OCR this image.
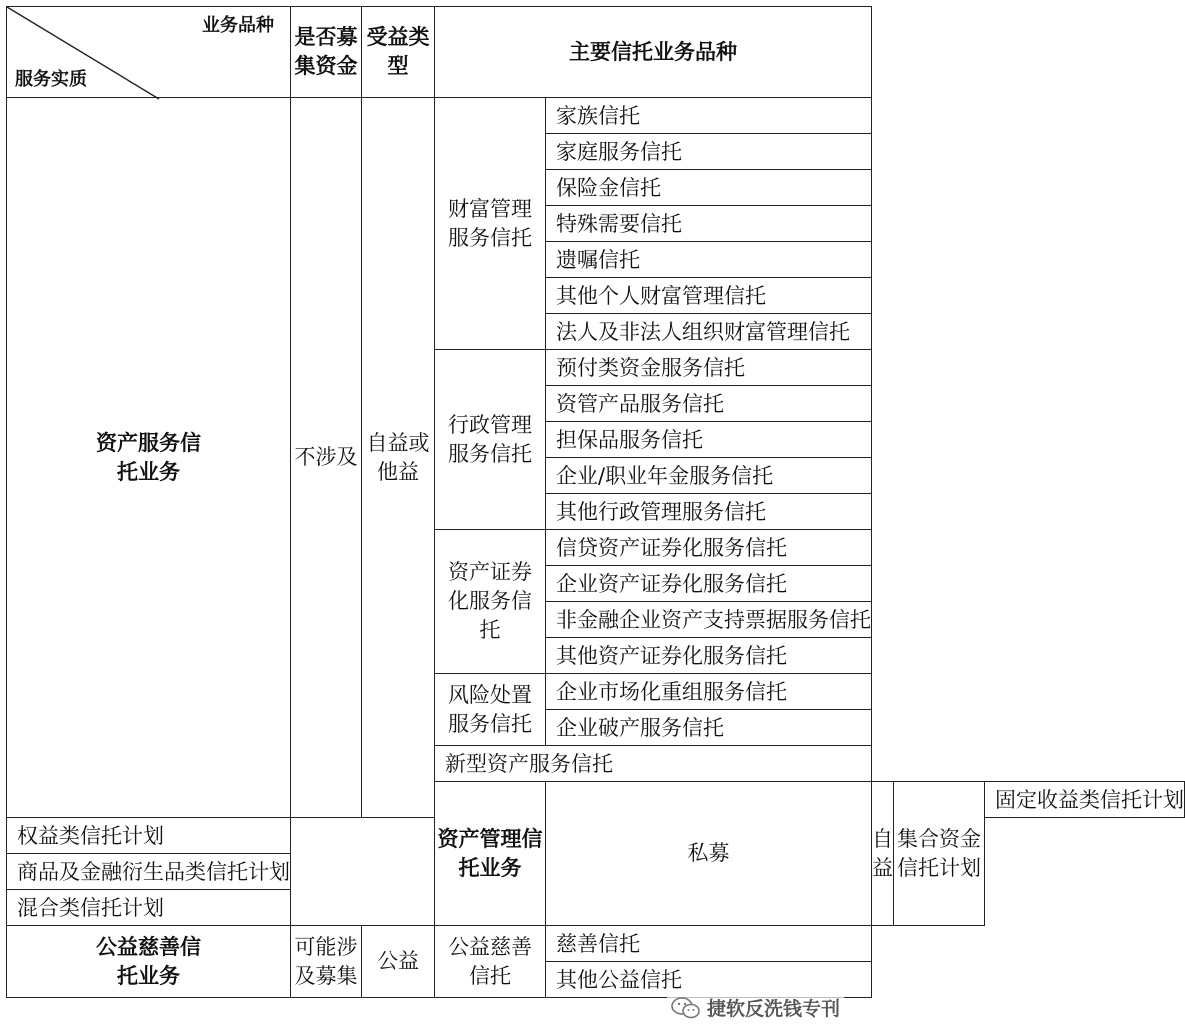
业务品种
服务实质	是否募集资金	受益类型	主要信托业务品种				

资产服务信托业务	不涉及	自益或他益	财富管理服务信托	家族信托			
				家庭服务信托			
				保险金信托			
				特殊需要信托			
				遗嘱信托			
				其他个人财富管理信托			
				法人及非法人组织财富管理信托			

			行政管理服务信托	预付类资金服务信托			
				资管产品服务信托			
				担保品服务信托			
				企业/职业年金服务信托			
				其他行政管理服务信托			

			资产证券化服务信托	信贷资产证券化服务信托			
				企业资产证券化服务信托			
				非金融企业资产支持票据服务信托			
				其他资产证券化服务信托			

			风险处置服务信托	企业市场化重组服务信托			
				企业破产服务信托			
			新型资产服务信托				

			资产管理信托业务	私募	自益	集合资金信托计划	固定收益类信托计划
权益类信托计划							
商品及金融衍生品类信托计划							
混合类信托计划							

公益慈善信托业务	可能涉及募集	公益	公益慈善信托	慈善信托			
				其他公益信托			
捷软反洗钱专刊
